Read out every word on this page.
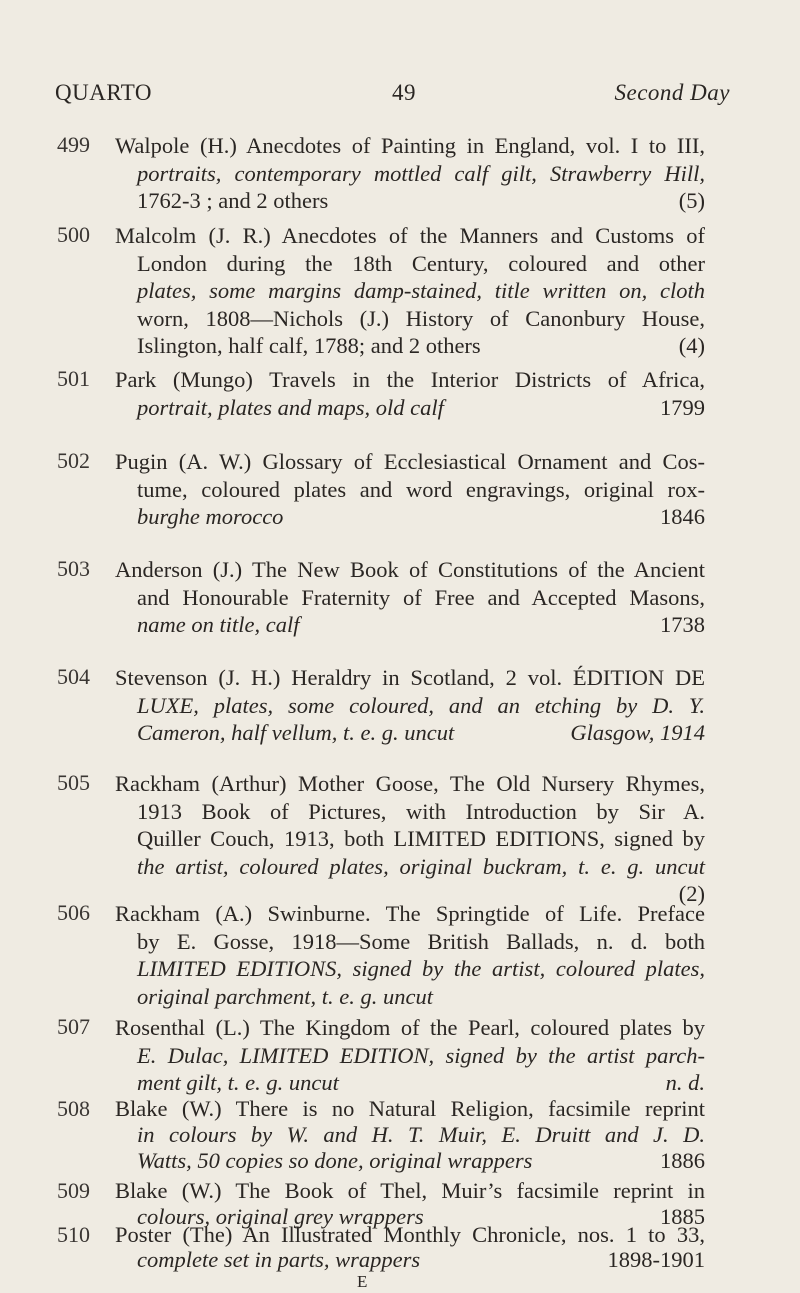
QUARTO	49	Second Day
499 Walpole (H.) Anecdotes of Painting in England, vol. I to III,
portraits, contemporary mottled calf gilt, Strawberry Hill,
1762-3 ; and 2 others	(5)
500 Malcolm (J. R.) Anecdotes of the Manners and Customs of
London during the 18th Century, coloured and other
plates, some margins damp-stained, title written on, cloth
worn, 1808—Nichols (J.) History of Canonbury House,
Islington, half calf, 1788; and 2 others	(4)
501 Park (Mungo) Travels in the Interior Districts of Africa,
portrait, plates and maps, old calf	1799
502 Pugin (A. W.) Glossary of Ecclesiastical Ornament and Cos-
tume, coloured plates and word engravings, original rox-
burghe morocco	1846
503 Anderson (J.) The New Book of Constitutions of the Ancient
and Honourable Fraternity of Free and Accepted Masons,
name on title, calf	1738
504 Stevenson (J. H.) Heraldry in Scotland, 2 vol. ÉDITION DE
LUXE, plates, some coloured, and an etching by D. Y.
Cameron, half vellum, t. e. g. uncut	Glasgow, 1914
505 Rackham (Arthur) Mother Goose, The Old Nursery Rhymes,
1913 Book of Pictures, with Introduction by Sir A.
Quiller Couch, 1913, both LIMITED EDITIONS, signed by
the artist, coloured plates, original buckram, t. e. g. uncut
(2)

506 Rackham (A.) Swinburne. The Springtide of Life. Preface
by E. Gosse, 1918—Some British Ballads, n. d. both
LIMITED EDITIONS, signed by the artist, coloured plates,
original parchment, t. e. g. uncut
507 Rosenthal (L.) The Kingdom of the Pearl, coloured plates by
E. Dulac, LIMITED EDITION, signed by the artist parch-
ment gilt, t. e. g. uncut	n. d.
508 Blake (W.) There is no Natural Religion, facsimile reprint
in colours by W. and H. T. Muir, E. Druitt and J. D.
Watts, 50 copies so done, original wrappers	1886
509 Blake (W.) The Book of Thel, Muir’s facsimile reprint in
colours, original grey wrappers	1885
510 Poster (The) An Illustrated Monthly Chronicle, nos. 1 to 33,
complete set in parts, wrappers	1898-1901
E
